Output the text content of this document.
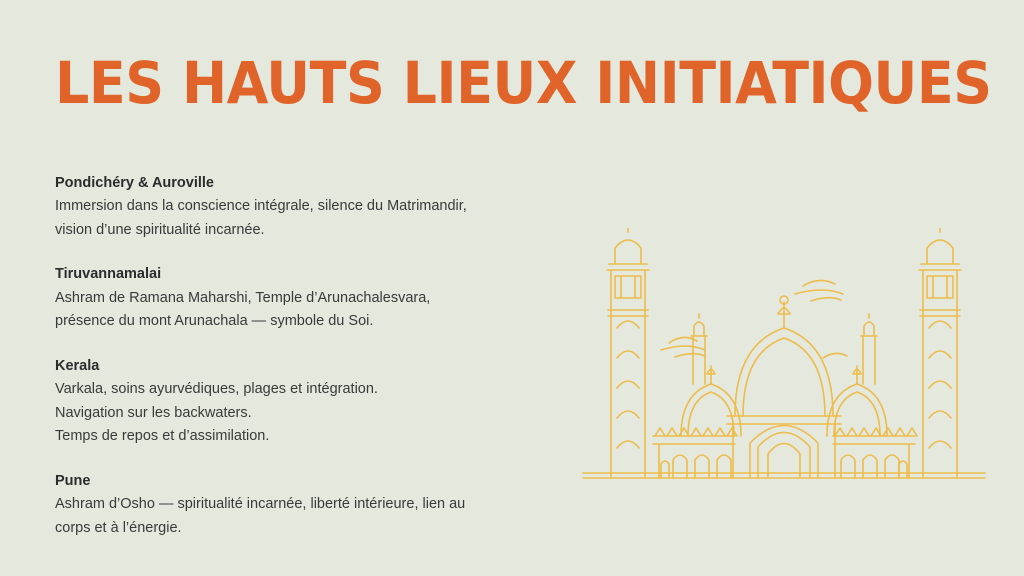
LES HAUTS LIEUX INITIATIQUES
Pondichéry & Auroville
Immersion dans la conscience intégrale, silence du Matrimandir,
vision d’une spiritualité incarnée.
Tiruvannamalai
Ashram de Ramana Maharshi, Temple d’Arunachalesvara,
présence du mont Arunachala — symbole du Soi.
Kerala
Varkala, soins ayurvédiques, plages et intégration.
Navigation sur les backwaters.
Temps de repos et d’assimilation.
Pune
Ashram d’Osho — spiritualité incarnée, liberté intérieure, lien au
corps et à l’énergie.
